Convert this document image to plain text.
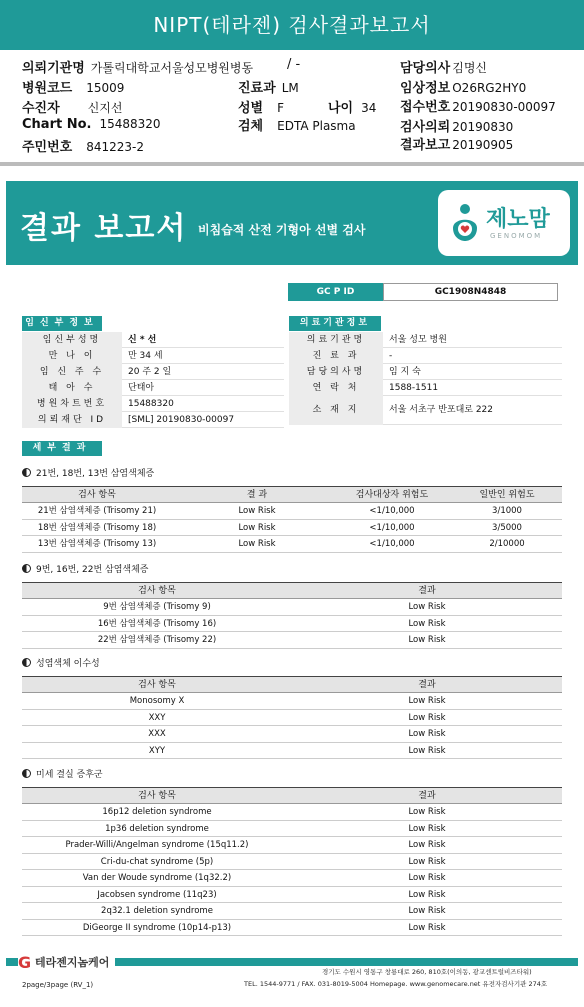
NIPT(테라젠) 검사결과보고서
의뢰기관명 가톨릭대학교서울성모병원병동
병원코드 15009
수진자 신지선
Chart No. 15488320
주민번호 841223-2
/ -
진료과 LM
성별 F	나이 34
검체 EDTA Plasma
담당의사 김명신
임상정보 O26RG2HY0
접수번호 20190830-00097
검사의뢰 20190830
결과보고 20190905
결과 보고서 비침습적 산전 기형아 선별 검사	제노맘
GENOMOM
GC P ID	GC1908N4848
임신부정보	의료기관정보
임신부성명	신 * 선
만 나 이	만 34 세
임 신 주 수	20 주 2 일
태 아 수	단태아
병원차트번호	15488320
의뢰재단 ID	[SML] 20190830-00097
의료기관명	서울 성모 병원
진 료 과	-
담당의사명	임 지 숙
연 락 처	1588-1511
소 재 지	서울 서초구 반포대로 222
세부결과
21번, 18번, 13번 삼염색체증
9번, 16번, 22번 삼염색체증
성염색체 이수성
미세 결실 증후군
검사 항목	결 과	검사대상자 위험도	일반인 위험도
21번 삼염색체증 (Trisomy 21)	Low Risk	<1/10,000	3/1000
18번 삼염색체증 (Trisomy 18)	Low Risk	<1/10,000	3/5000
13번 삼염색체증 (Trisomy 13)	Low Risk	<1/10,000	2/10000
검사 항목	결과
9번 삼염색체증 (Trisomy 9)	Low Risk
16번 삼염색체증 (Trisomy 16)	Low Risk
22번 삼염색체증 (Trisomy 22)	Low Risk
검사 항목	결과
Monosomy X	Low Risk
XXY	Low Risk
XXX	Low Risk
XYY	Low Risk
검사 항목	결과
16p12 deletion syndrome	Low Risk
1p36 deletion syndrome	Low Risk
Prader-Willi/Angelman syndrome (15q11.2)	Low Risk
Cri-du-chat syndrome (5p)	Low Risk
Van der Woude syndrome (1q32.2)	Low Risk
Jacobsen syndrome (11q23)	Low Risk
2q32.1 deletion syndrome	Low Risk
DiGeorge II syndrome (10p14-p13)	Low Risk
G 테라젠지놈케어
경기도 수원시 영통구 창룡대로 260, 810호(이의동, 광교센트럴비즈타워)
TEL. 1544-9771 / FAX. 031-8019-5004 Homepage. www.genomecare.net 유전자검사기관 274호
2page/3page (RV_1)
